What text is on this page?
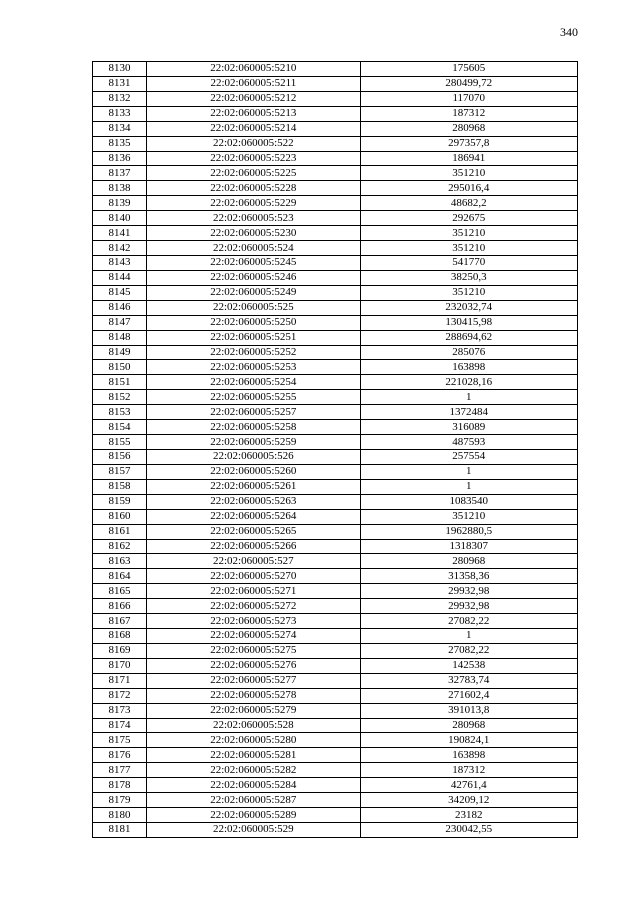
340
8130	22:02:060005:5210	175605
8131	22:02:060005:5211	280499,72
8132	22:02:060005:5212	117070
8133	22:02:060005:5213	187312
8134	22:02:060005:5214	280968
8135	22:02:060005:522	297357,8
8136	22:02:060005:5223	186941
8137	22:02:060005:5225	351210
8138	22:02:060005:5228	295016,4
8139	22:02:060005:5229	48682,2
8140	22:02:060005:523	292675
8141	22:02:060005:5230	351210
8142	22:02:060005:524	351210
8143	22:02:060005:5245	541770
8144	22:02:060005:5246	38250,3
8145	22:02:060005:5249	351210
8146	22:02:060005:525	232032,74
8147	22:02:060005:5250	130415,98
8148	22:02:060005:5251	288694,62
8149	22:02:060005:5252	285076
8150	22:02:060005:5253	163898
8151	22:02:060005:5254	221028,16
8152	22:02:060005:5255	1
8153	22:02:060005:5257	1372484
8154	22:02:060005:5258	316089
8155	22:02:060005:5259	487593
8156	22:02:060005:526	257554
8157	22:02:060005:5260	1
8158	22:02:060005:5261	1
8159	22:02:060005:5263	1083540
8160	22:02:060005:5264	351210
8161	22:02:060005:5265	1962880,5
8162	22:02:060005:5266	1318307
8163	22:02:060005:527	280968
8164	22:02:060005:5270	31358,36
8165	22:02:060005:5271	29932,98
8166	22:02:060005:5272	29932,98
8167	22:02:060005:5273	27082,22
8168	22:02:060005:5274	1
8169	22:02:060005:5275	27082,22
8170	22:02:060005:5276	142538
8171	22:02:060005:5277	32783,74
8172	22:02:060005:5278	271602,4
8173	22:02:060005:5279	391013,8
8174	22:02:060005:528	280968
8175	22:02:060005:5280	190824,1
8176	22:02:060005:5281	163898
8177	22:02:060005:5282	187312
8178	22:02:060005:5284	42761,4
8179	22:02:060005:5287	34209,12
8180	22:02:060005:5289	23182
8181	22:02:060005:529	230042,55
